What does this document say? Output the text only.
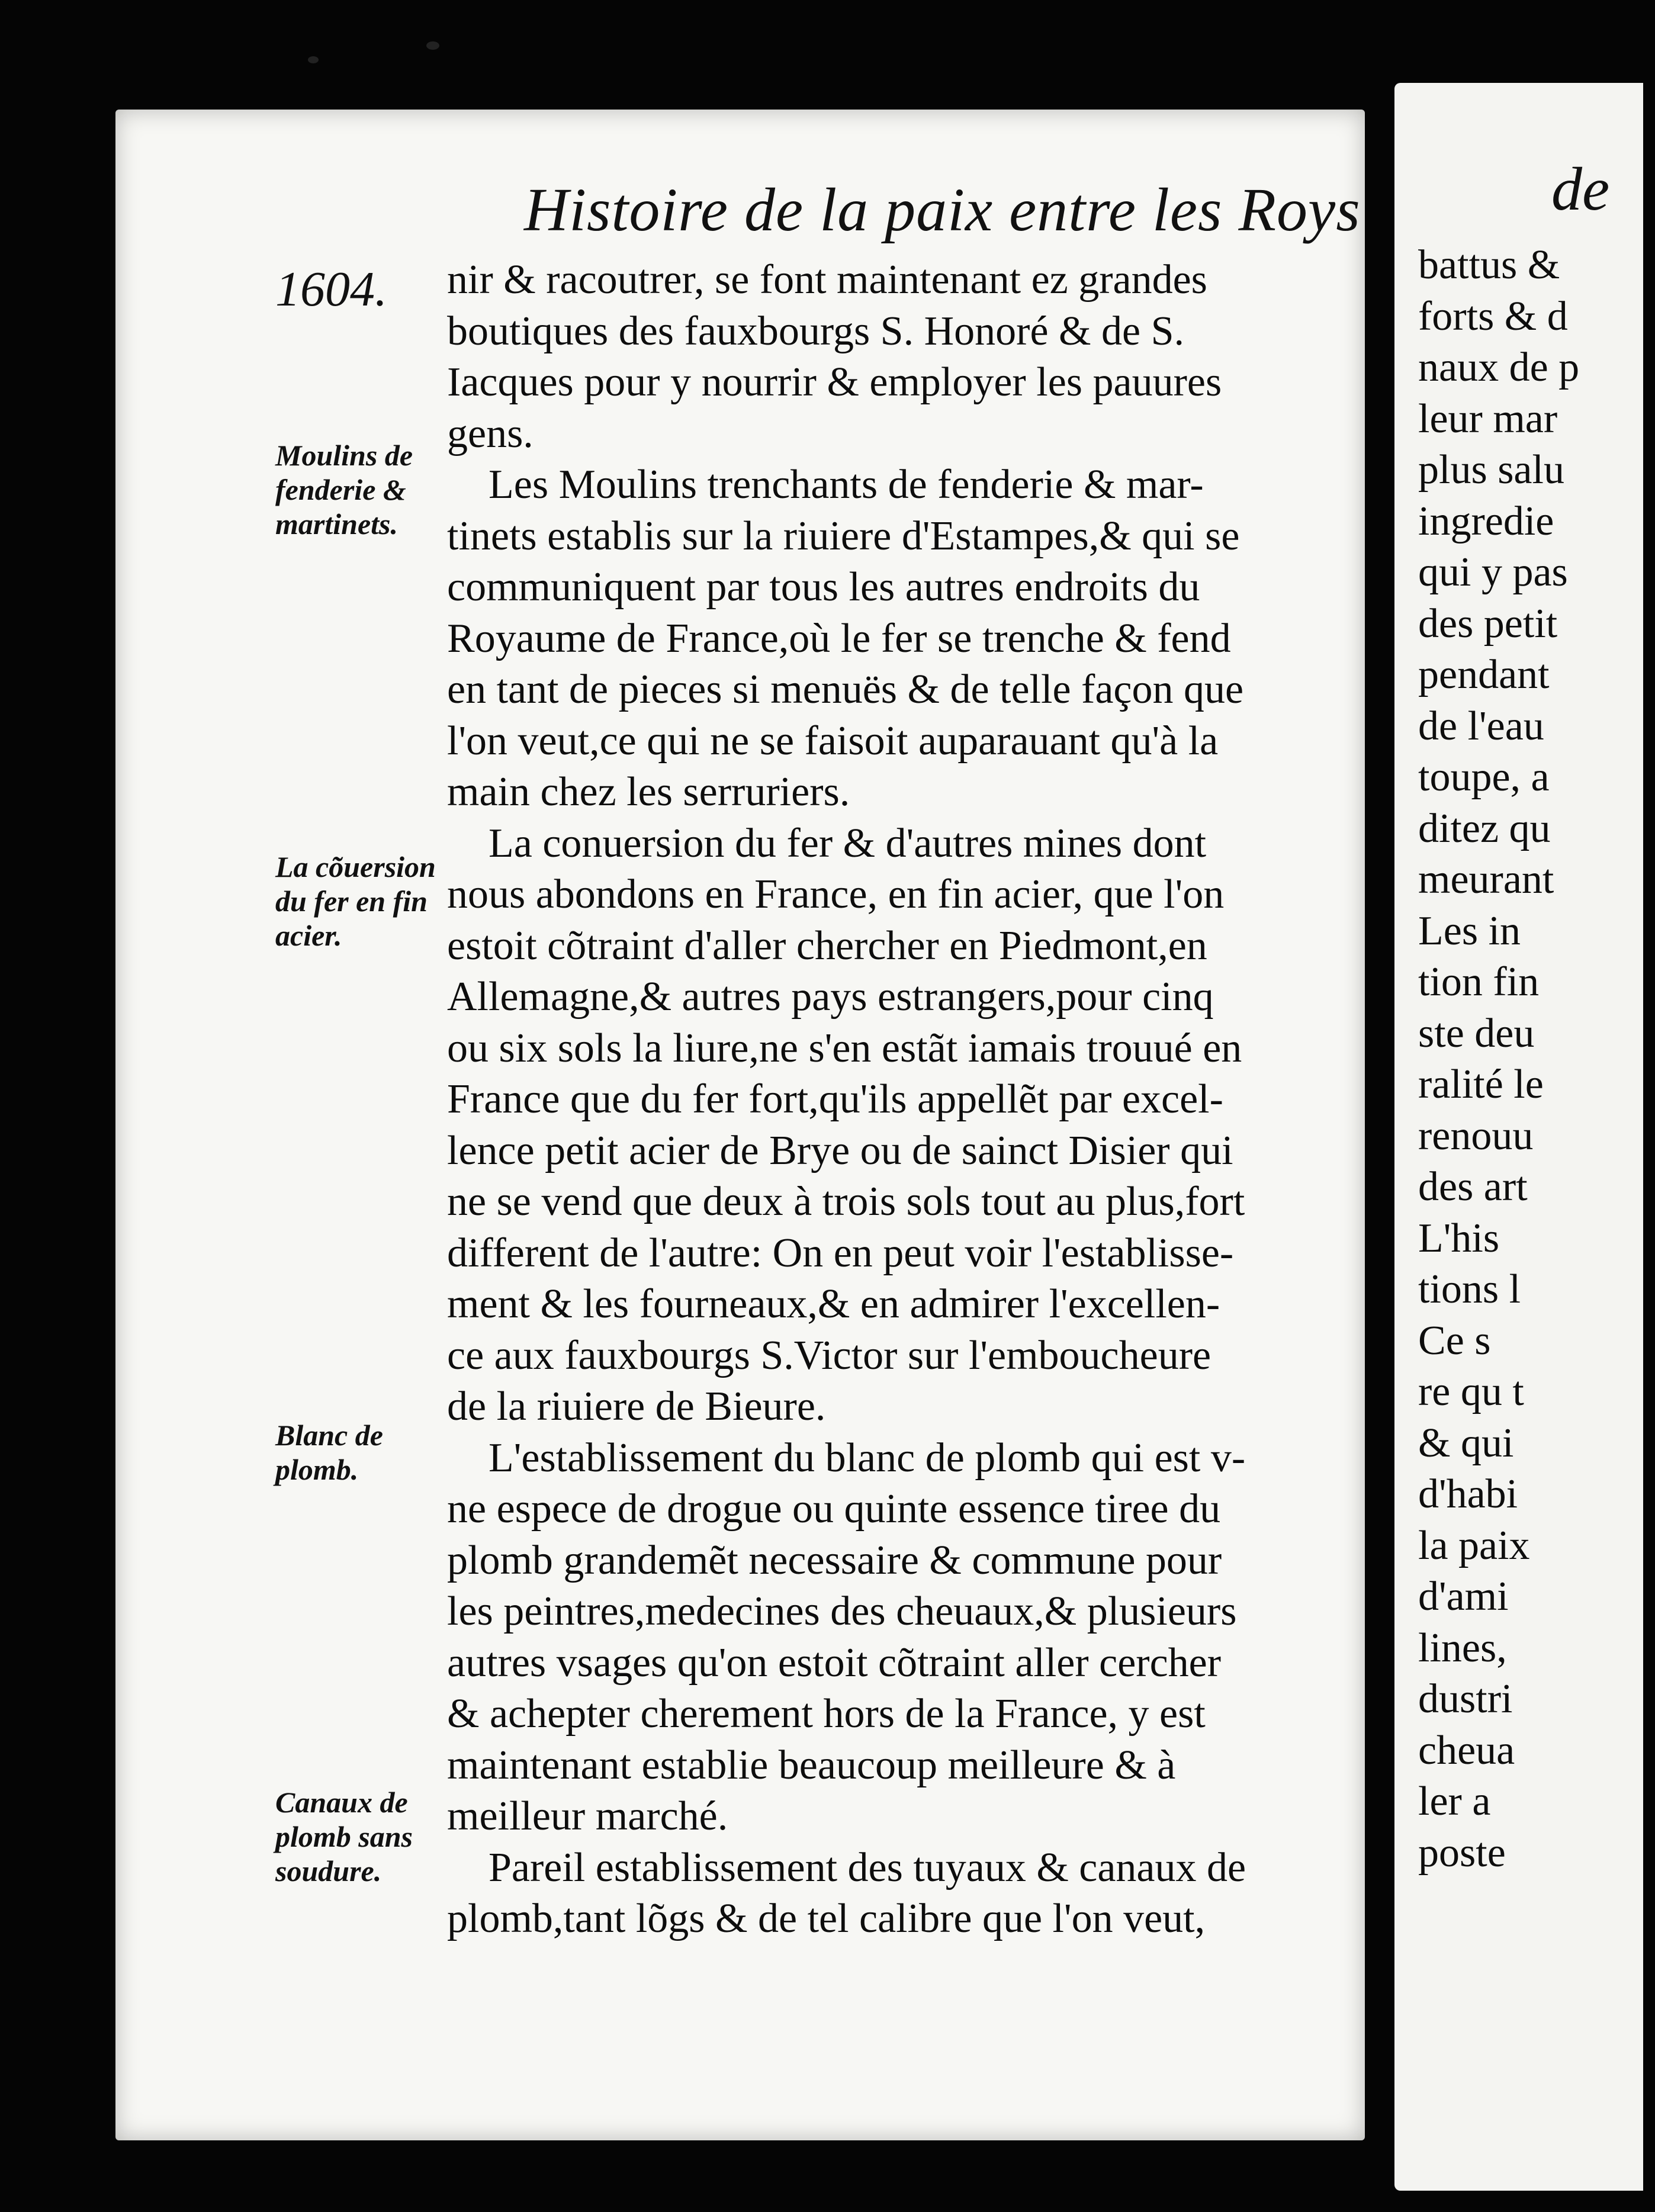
Histoire de la paix entre les Roys
1604.
Moulins de
fenderie &
martinets.
La cõuersion
du fer en fin
acier.
Blanc de
plomb.
Canaux de
plomb sans
soudure.
nir & racoutrer, se font maintenant ez grandes
boutiques des fauxbourgs S. Honoré & de S.
Iacques pour y nourrir & employer les pauures
gens.
Les Moulins trenchants de fenderie & mar-
tinets establis sur la riuiere d'Estampes,& qui se
communiquent par tous les autres endroits du
Royaume de France,où le fer se trenche & fend
en tant de pieces si menuës & de telle façon que
l'on veut,ce qui ne se faisoit auparauant qu'à la
main chez les serruriers.
La conuersion du fer & d'autres mines dont
nous abondons en France, en fin acier, que l'on
estoit cõtraint d'aller chercher en Piedmont,en
Allemagne,& autres pays estrangers,pour cinq
ou six sols la liure,ne s'en estãt iamais trouué en
France que du fer fort,qu'ils appellẽt par excel-
lence petit acier de Brye ou de sainct Disier qui
ne se vend que deux à trois sols tout au plus,fort
different de l'autre: On en peut voir l'establisse-
ment & les fourneaux,& en admirer l'excellen-
ce aux fauxbourgs S.Victor sur l'emboucheure
de la riuiere de Bieure.
L'establissement du blanc de plomb qui est v-
ne espece de drogue ou quinte essence tiree du
plomb grandemẽt necessaire & commune pour
les peintres,medecines des cheuaux,& plusieurs
autres vsages qu'on estoit cõtraint aller cercher
& achepter cherement hors de la France, y est
maintenant establie beaucoup meilleure & à
meilleur marché.
Pareil establissement des tuyaux & canaux de
plomb,tant lõgs & de tel calibre que l'on veut,
de
battus &
forts & d
naux de p
leur mar
plus salu
ingredie
qui y pas
des petit
pendant
de l'eau
toupe, a
ditez qu
meurant
Les in
tion fin
ste deu
ralité le
renouu
des art
L'his
tions l
Ce s
re qu t
& qui
d'habi
la paix
d'ami
lines,
dustri
cheua
ler a
poste
